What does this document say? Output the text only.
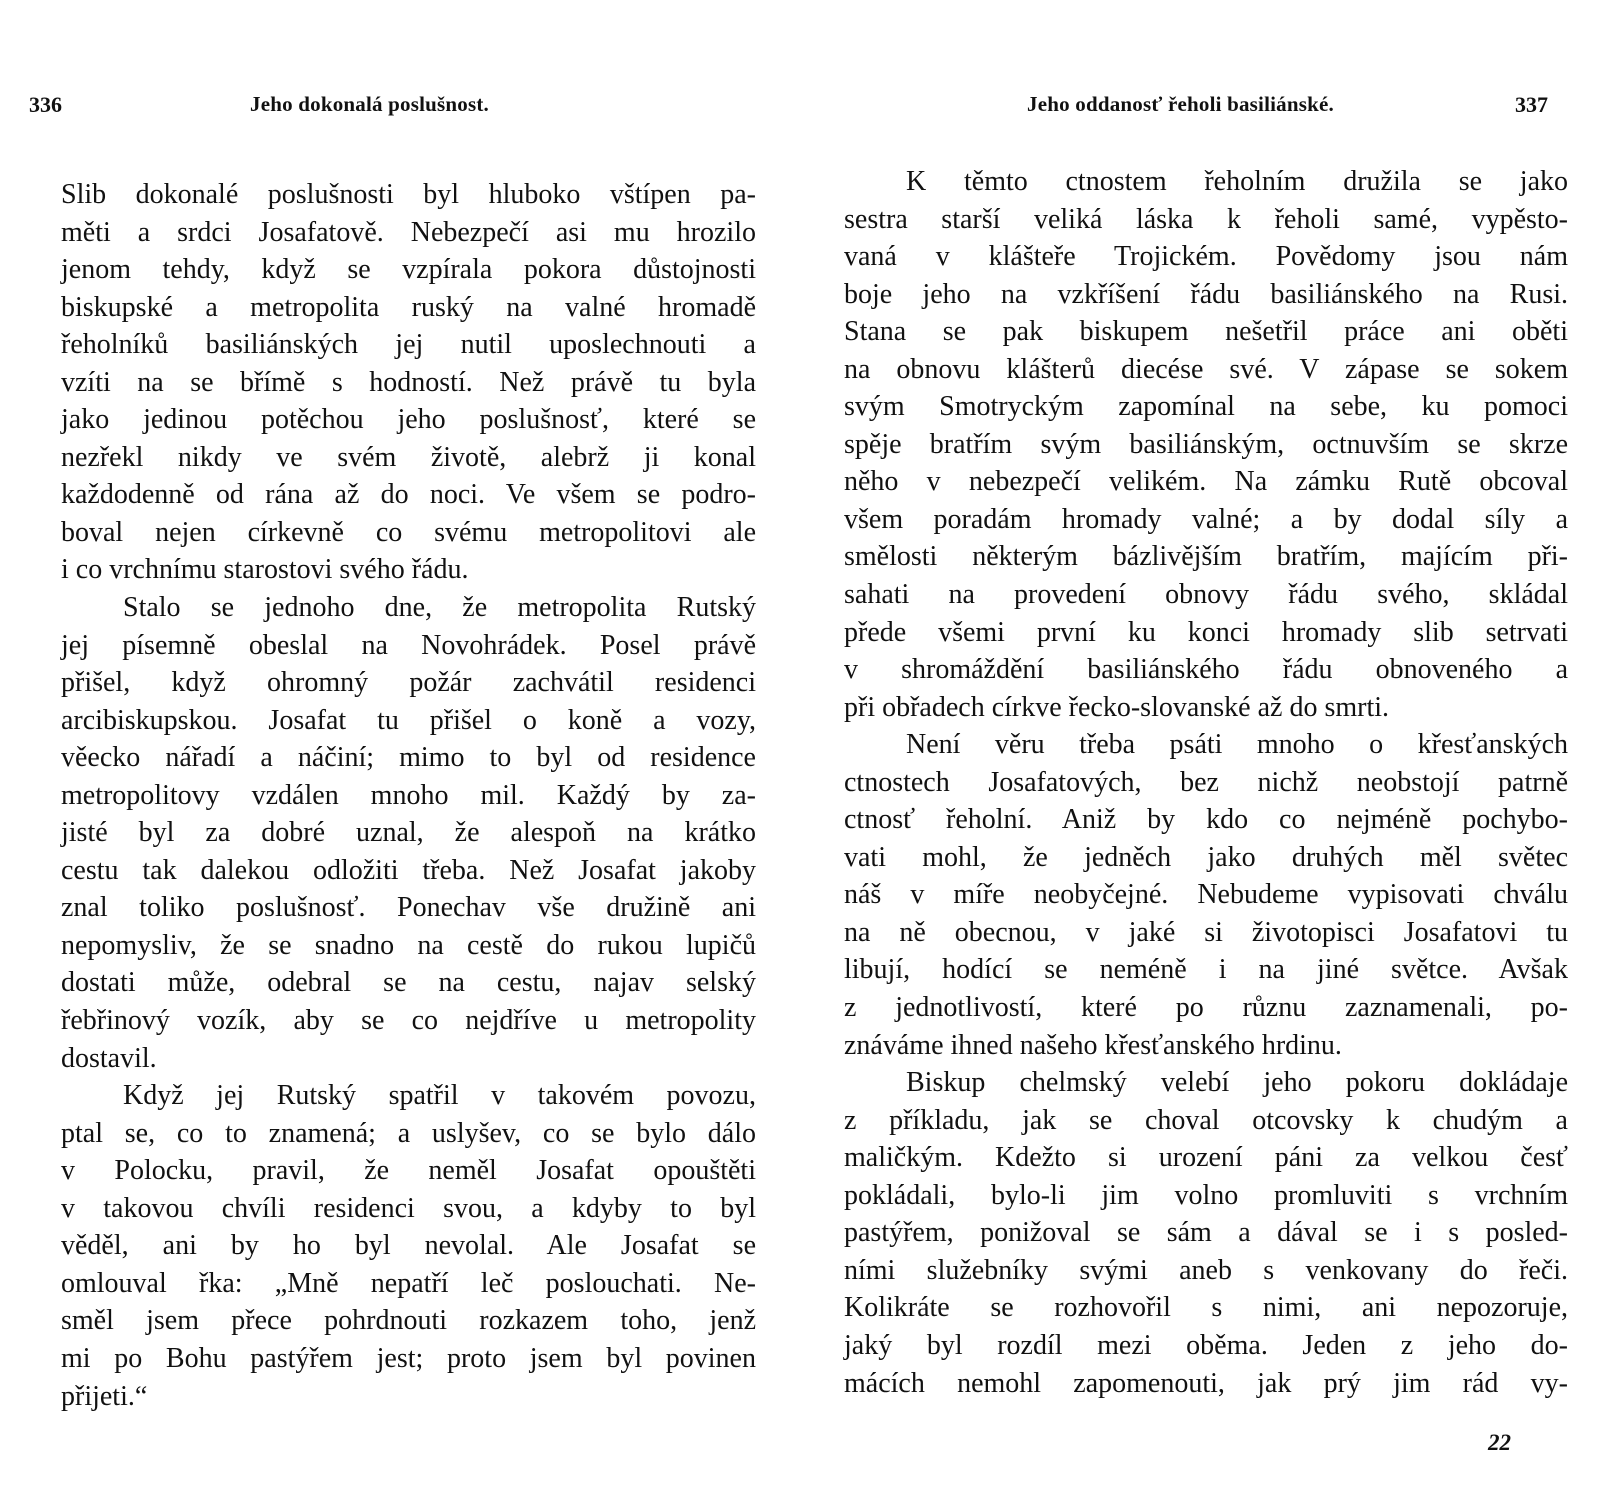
336	Jeho dokonalá poslušnost.
Slib dokonalé poslušnosti byl hluboko vštípen pa-
měti a srdci Josafatově. Nebezpečí asi mu hrozilo
jenom tehdy, když se vzpírala pokora důstojnosti
biskupské a metropolita ruský na valné hromadě
řeholníků basiliánských jej nutil uposlechnouti a
vzíti na se břímě s hodností. Než právě tu byla
jako jedinou potěchou jeho poslušnosť, které se
nezřekl nikdy ve svém životě, alebrž ji konal
každodenně od rána až do noci. Ve všem se podro-
boval nejen církevně co svému metropolitovi ale
i co vrchnímu starostovi svého řádu.
Stalo se jednoho dne, že metropolita Rutský
jej písemně obeslal na Novohrádek. Posel právě
přišel, když ohromný požár zachvátil residenci
arcibiskupskou. Josafat tu přišel o koně a vozy,
věecko nářadí a náčiní; mimo to byl od residence
metropolitovy vzdálen mnoho mil. Každý by za-
jisté byl za dobré uznal, že alespoň na krátko
cestu tak dalekou odložiti třeba. Než Josafat jakoby
znal toliko poslušnosť. Ponechav vše družině ani
nepomysliv, že se snadno na cestě do rukou lupičů
dostati může, odebral se na cestu, najav selský
řebřinový vozík, aby se co nejdříve u metropolity
dostavil.
Když jej Rutský spatřil v takovém povozu,
ptal se, co to znamená; a uslyšev, co se bylo dálo
v Polocku, pravil, že neměl Josafat opouštěti
v takovou chvíli residenci svou, a kdyby to byl
věděl, ani by ho byl nevolal. Ale Josafat se
omlouval řka: „Mně nepatří leč poslouchati. Ne-
směl jsem přece pohrdnouti rozkazem toho, jenž
mi po Bohu pastýřem jest; proto jsem byl povinen
přijeti.“
Jeho oddanosť řeholi basiliánské.	337
K těmto ctnostem řeholním družila se jako
sestra starší veliká láska k řeholi samé, vypěsto-
vaná v klášteře Trojickém. Povědomy jsou nám
boje jeho na vzkříšení řádu basiliánského na Rusi.
Stana se pak biskupem nešetřil práce ani oběti
na obnovu klášterů diecése své. V zápase se sokem
svým Smotryckým zapomínal na sebe, ku pomoci
spěje bratřím svým basiliánským, octnuvším se skrze
něho v nebezpečí velikém. Na zámku Rutě obcoval
všem poradám hromady valné; a by dodal síly a
smělosti některým bázlivějším bratřím, majícím při-
sahati na provedení obnovy řádu svého, skládal
přede všemi první ku konci hromady slib setrvati
v shromáždění basiliánského řádu obnoveného a
při obřadech církve řecko-slovanské až do smrti.
Není věru třeba psáti mnoho o křesťanských
ctnostech Josafatových, bez nichž neobstojí patrně
ctnosť řeholní. Aniž by kdo co nejméně pochybo-
vati mohl, že jedněch jako druhých měl světec
náš v míře neobyčejné. Nebudeme vypisovati chválu
na ně obecnou, v jaké si životopisci Josafatovi tu
libují, hodící se neméně i na jiné světce. Avšak
z jednotlivostí, které po různu zaznamenali, po-
znáváme ihned našeho křesťanského hrdinu.
Biskup chelmský velebí jeho pokoru dokládaje
z příkladu, jak se choval otcovsky k chudým a
maličkým. Kdežto si urození páni za velkou česť
pokládali, bylo-li jim volno promluviti s vrchním
pastýřem, ponižoval se sám a dával se i s posled-
ními služebníky svými aneb s venkovany do řeči.
Kolikráte se rozhovořil s nimi, ani nepozoruje,
jaký byl rozdíl mezi oběma. Jeden z jeho do-
mácích nemohl zapomenouti, jak prý jim rád vy-
22
